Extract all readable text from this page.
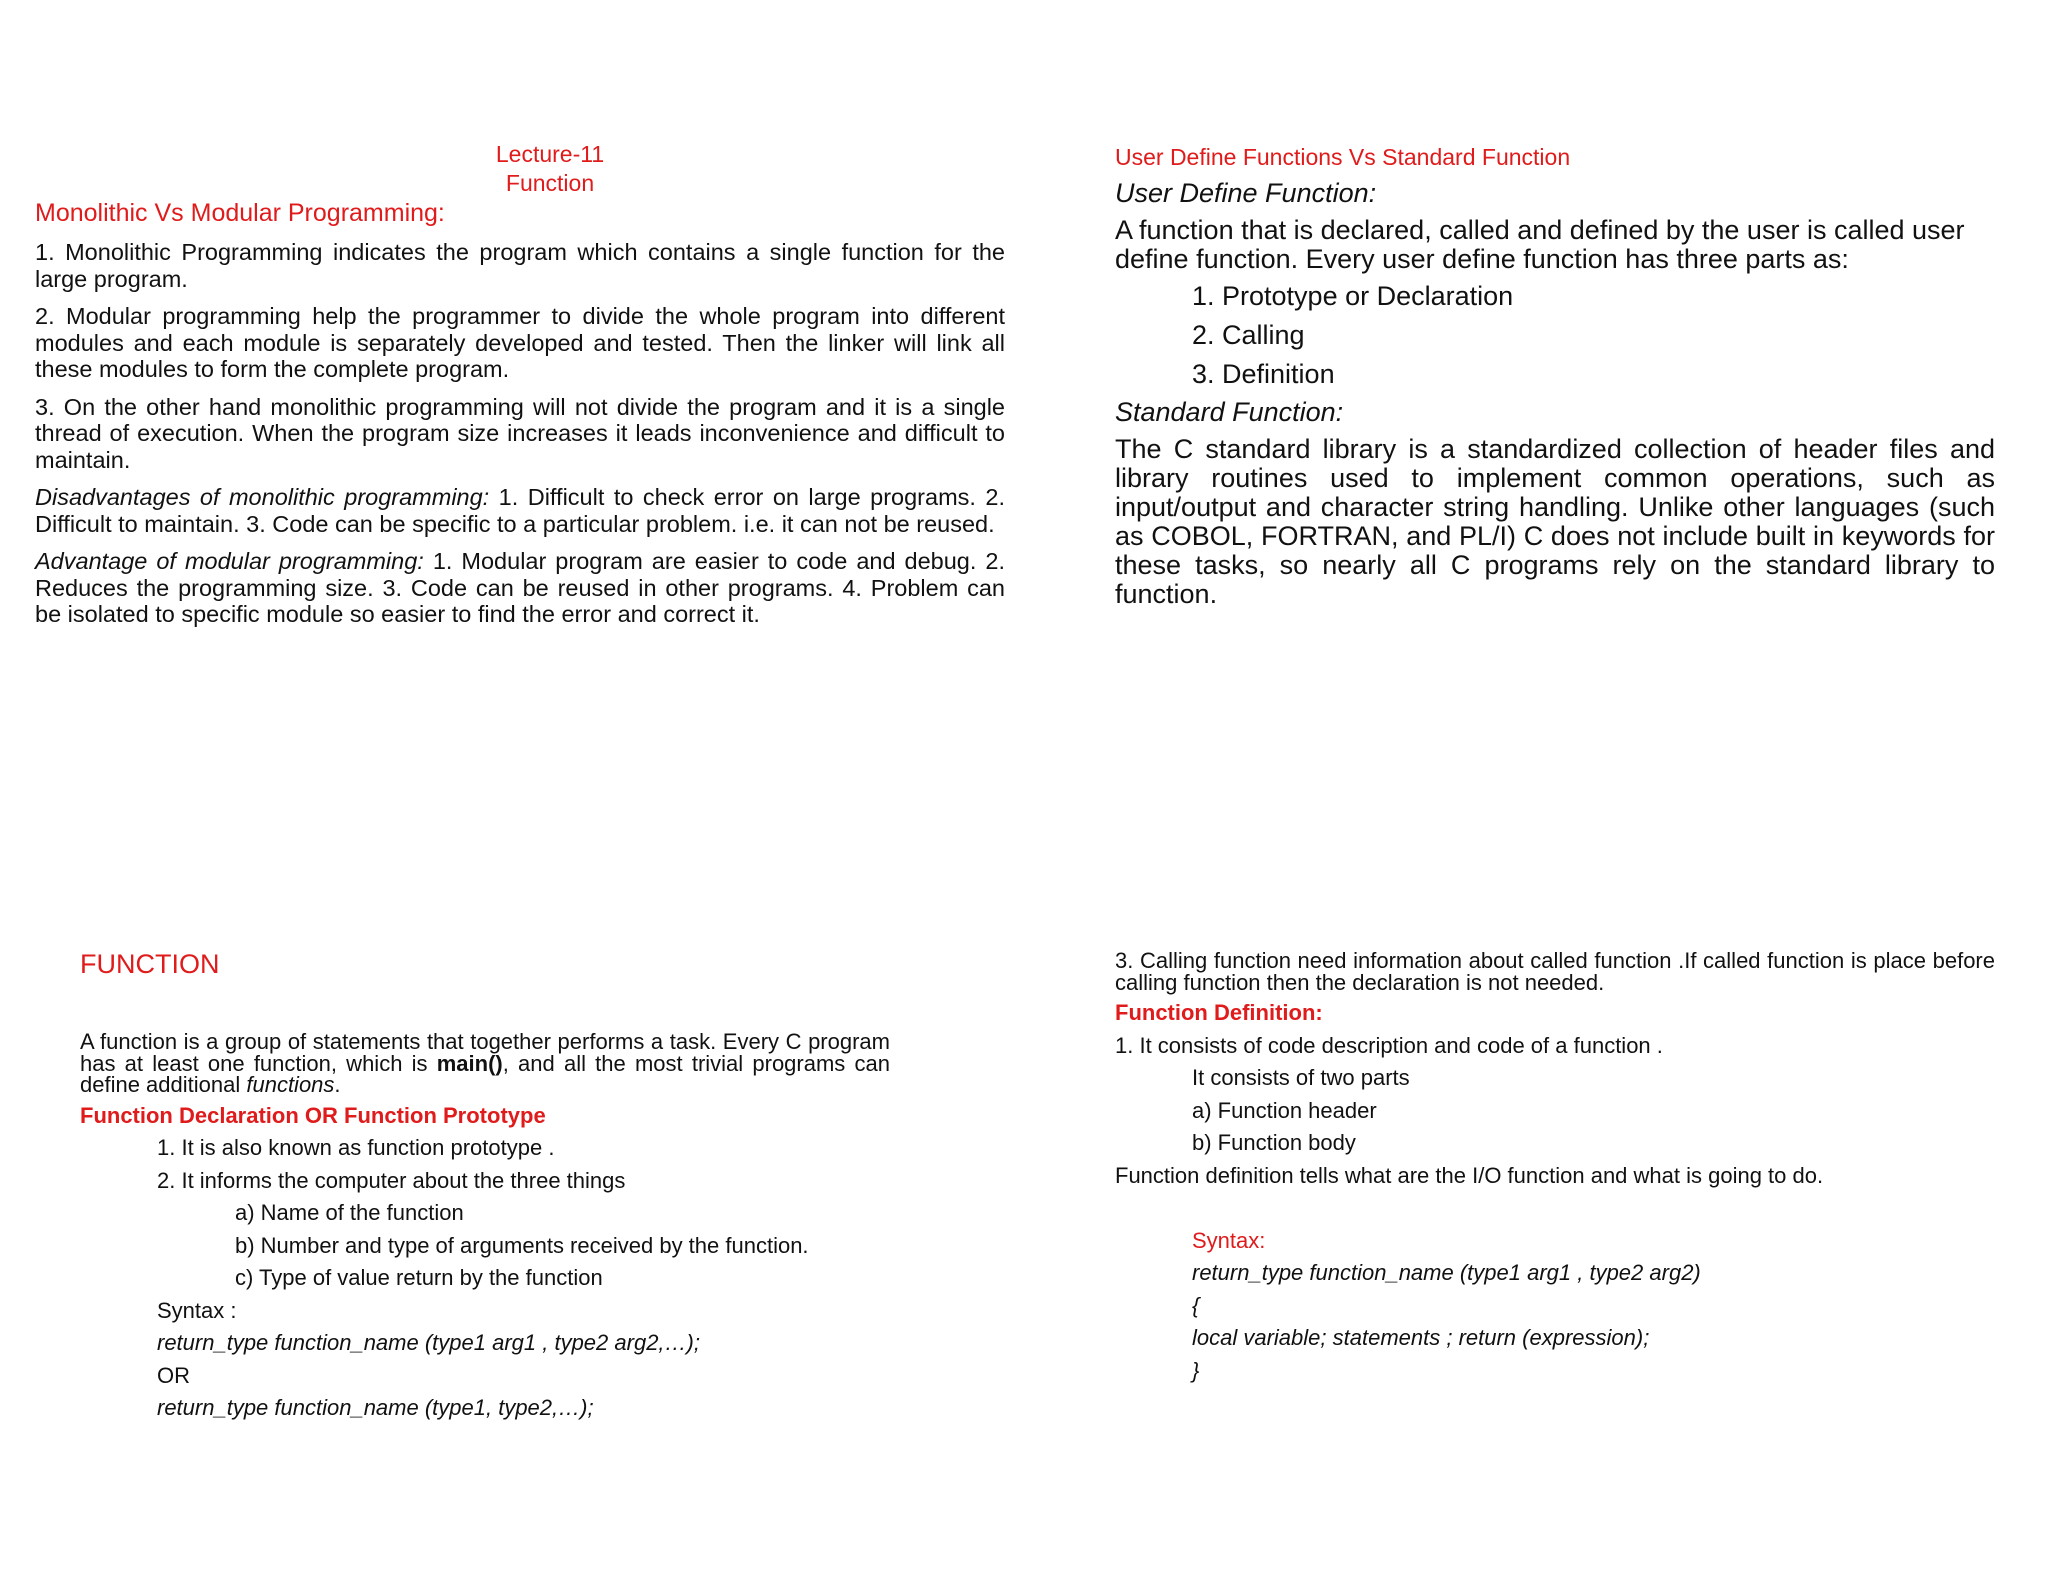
Lecture-11
Function
Monolithic Vs Modular Programming:

1. Monolithic Programming indicates the program which contains a single function for the large program.

2. Modular programming help the programmer to divide the whole program into different modules and each module is separately developed and tested. Then the linker will link all these modules to form the complete program.

3. On the other hand monolithic programming will not divide the program and it is a single thread of execution. When the program size increases it leads inconvenience and difficult to maintain.

Disadvantages of monolithic programming: 1. Difficult to check error on large programs. 2. Difficult to maintain. 3. Code can be specific to a particular problem. i.e. it can not be reused.

Advantage of modular programming: 1. Modular program are easier to code and debug. 2. Reduces the programming size. 3. Code can be reused in other programs. 4. Problem can be isolated to specific module so easier to find the error and correct it.

User Define Functions Vs Standard Function
User Define Function:

A function that is declared, called and defined by the user is called user define function. Every user define function has three parts as:

1. Prototype or Declaration
2. Calling
3. Definition
Standard Function:

The C standard library is a standardized collection of header files and library routines used to implement common operations, such as input/output and character string handling. Unlike other languages (such as COBOL, FORTRAN, and PL/I) C does not include built in keywords for these tasks, so nearly all C programs rely on the standard library to function.

FUNCTION

A function is a group of statements that together performs a task. Every C program has at least one function, which is main(), and all the most trivial programs can define additional functions.

Function Declaration OR Function Prototype
1. It is also known as function prototype .
2. It informs the computer about the three things
a) Name of the function
b) Number and type of arguments received by the function.
c) Type of value return by the function
Syntax :
return_type function_name (type1 arg1 , type2 arg2,…);
OR
return_type function_name (type1, type2,…);

3. Calling function need information about called function .If called function is place before calling function then the declaration is not needed.

Function Definition:
1. It consists of code description and code of a function .
It consists of two parts
a) Function header
b) Function body
Function definition tells what are the I/O function and what is going to do.
Syntax:
return_type function_name (type1 arg1 , type2 arg2)
{
local variable; statements ; return (expression);
}
